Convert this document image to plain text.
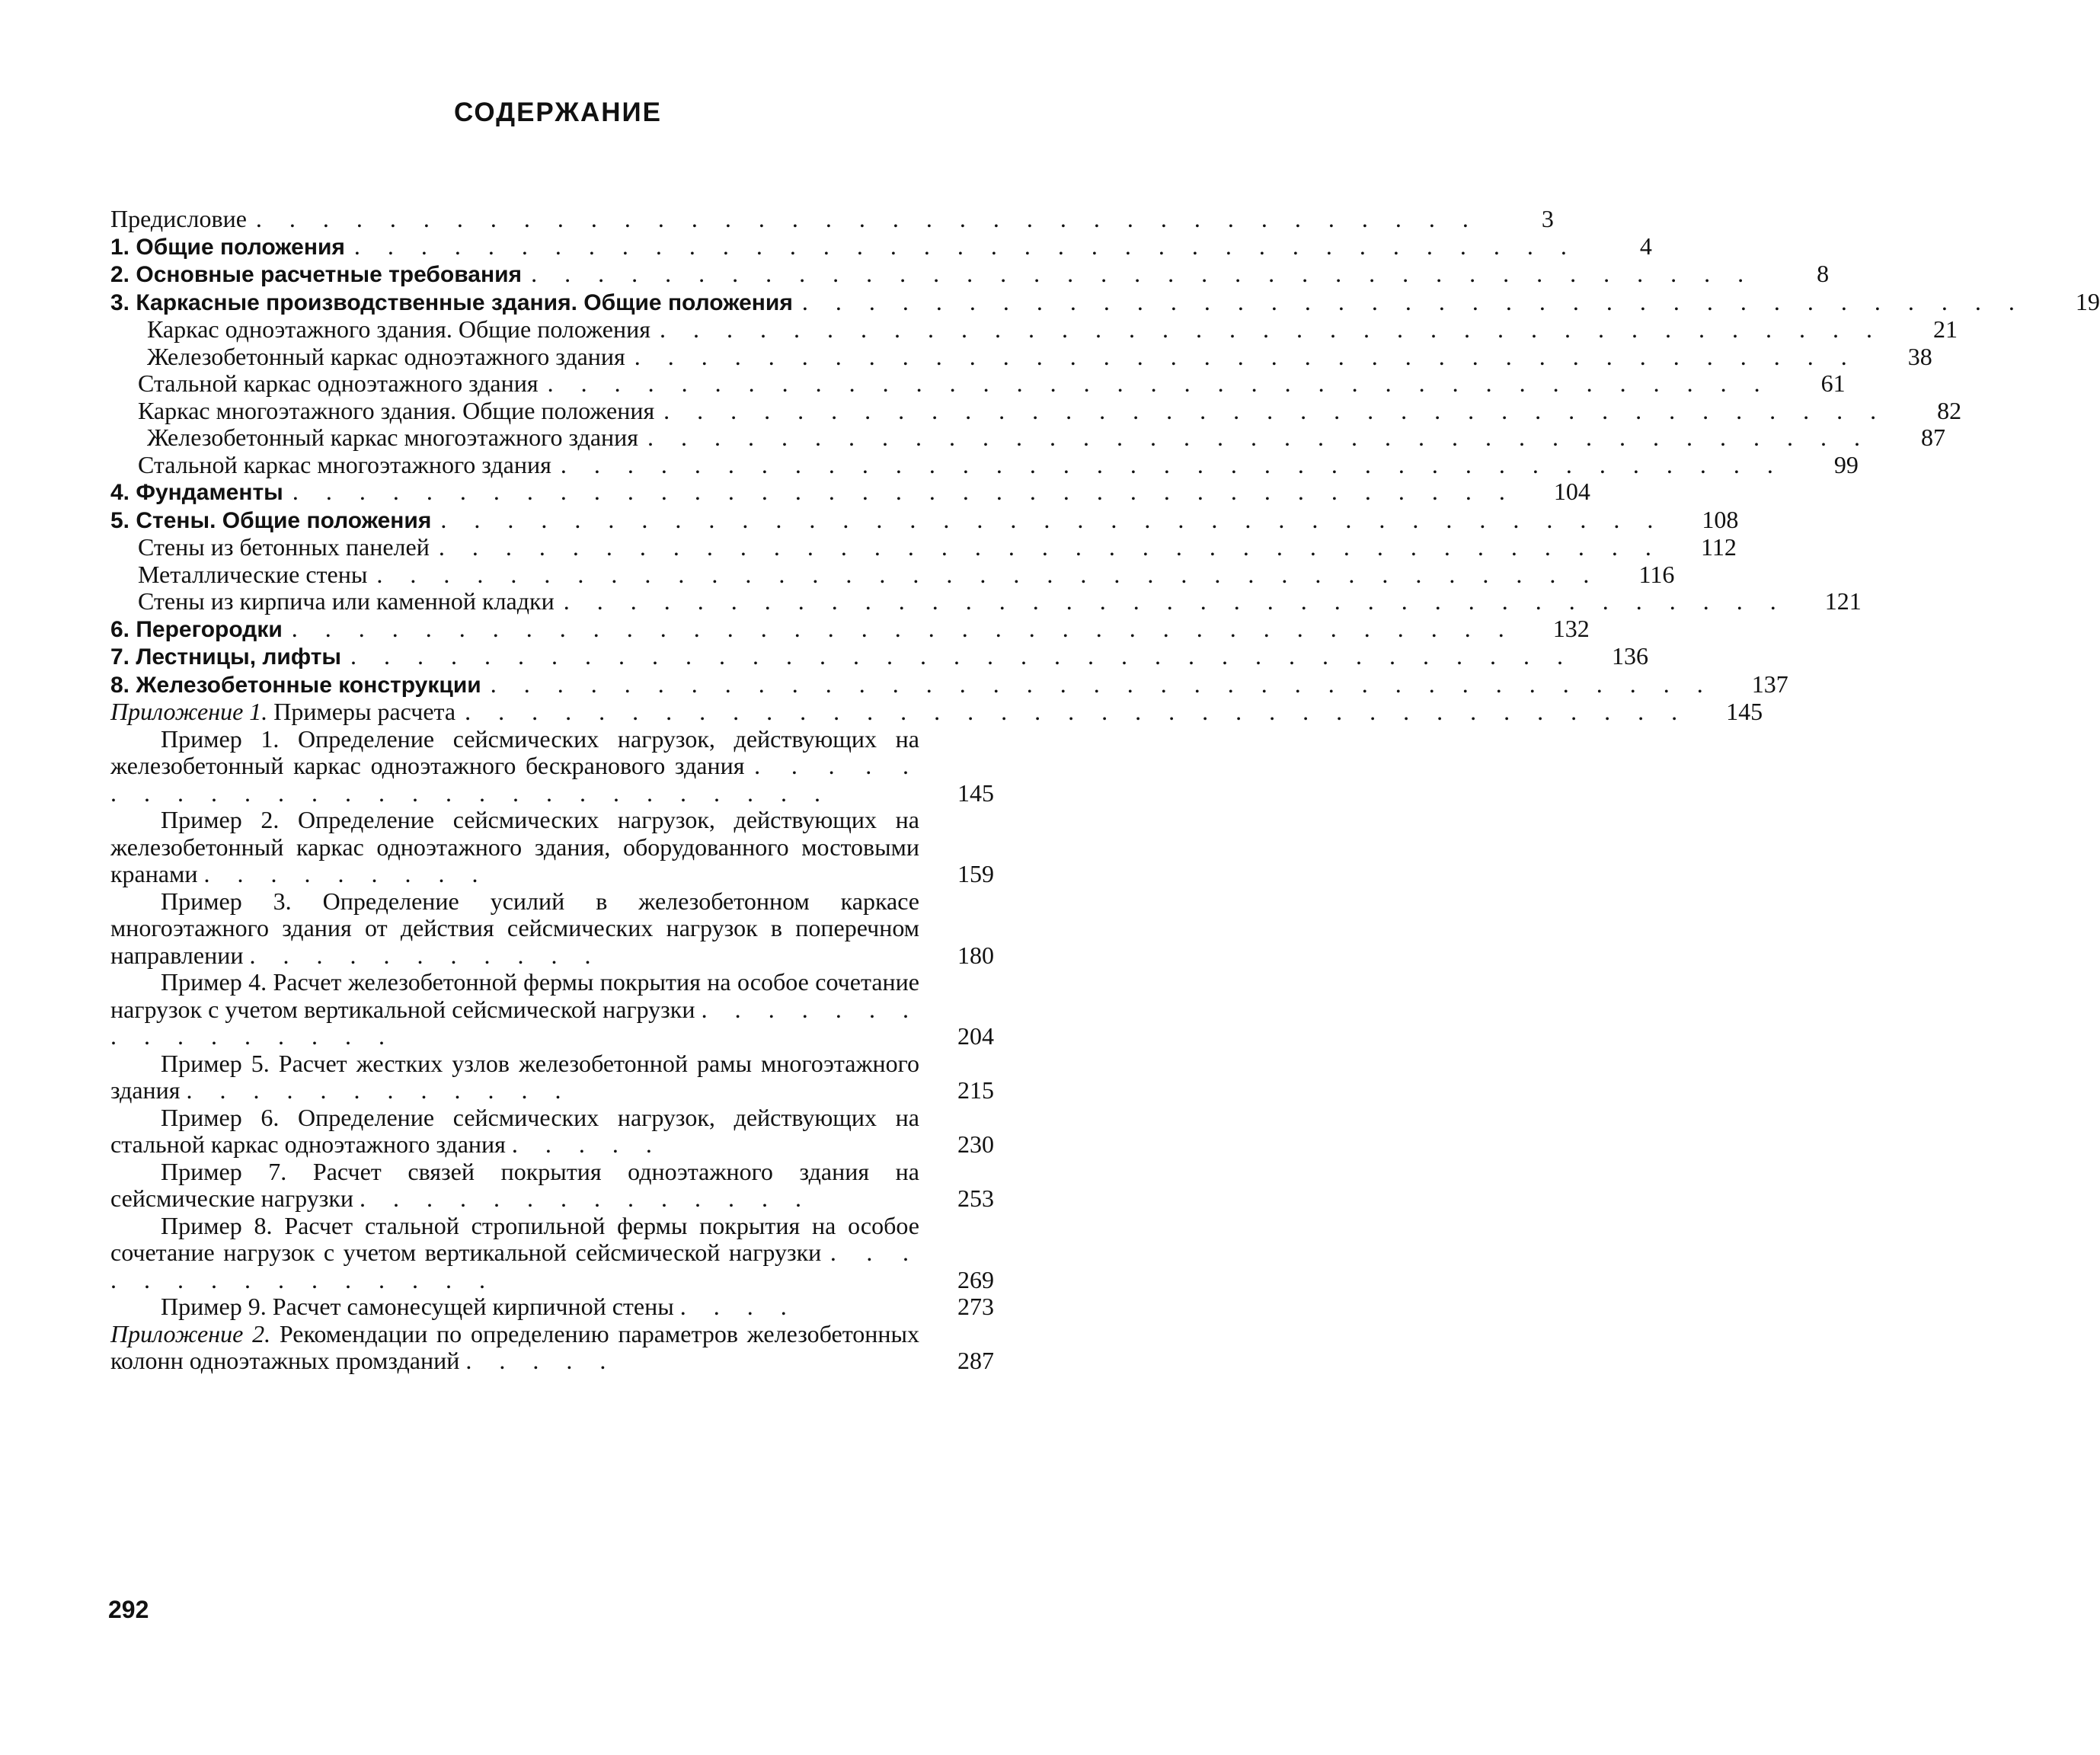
СОДЕРЖАНИЕ
Предисловие . . . . . . . . . . . . . . . . . . . . . . . . . . . . . . . . . . . . .	3
1. Общие положения . . . . . . . . . . . . . . . . . . . . . . . . . . . . . . . . . . . . .	4
2. Основные расчетные требования . . . . . . . . . . . . . . . . . . . . . . . . . . . . . . . . . . . . .	8
3. Каркасные производственные здания. Общие положения . . . . . . . . . . . . . . . . . . . . . . . . . . . . . . . . . . . . .	19
Каркас одноэтажного здания. Общие положения . . . . . . . . . . . . . . . . . . . . . . . . . . . . . . . . . . . . .	21
Железобетонный каркас одноэтажного здания . . . . . . . . . . . . . . . . . . . . . . . . . . . . . . . . . . . . .	38
Стальной каркас одноэтажного здания . . . . . . . . . . . . . . . . . . . . . . . . . . . . . . . . . . . . .	61
Каркас многоэтажного здания. Общие положения . . . . . . . . . . . . . . . . . . . . . . . . . . . . . . . . . . . . .	82
Железобетонный каркас многоэтажного здания . . . . . . . . . . . . . . . . . . . . . . . . . . . . . . . . . . . . .	87
Стальной каркас многоэтажного здания . . . . . . . . . . . . . . . . . . . . . . . . . . . . . . . . . . . . .	99
4. Фундаменты . . . . . . . . . . . . . . . . . . . . . . . . . . . . . . . . . . . . .	104
5. Стены. Общие положения . . . . . . . . . . . . . . . . . . . . . . . . . . . . . . . . . . . . .	108
Стены из бетонных панелей . . . . . . . . . . . . . . . . . . . . . . . . . . . . . . . . . . . . .	112
Металлические стены . . . . . . . . . . . . . . . . . . . . . . . . . . . . . . . . . . . . .	116
Стены из кирпича или каменной кладки . . . . . . . . . . . . . . . . . . . . . . . . . . . . . . . . . . . . .	121
6. Перегородки . . . . . . . . . . . . . . . . . . . . . . . . . . . . . . . . . . . . .	132
7. Лестницы, лифты . . . . . . . . . . . . . . . . . . . . . . . . . . . . . . . . . . . . .	136
8. Железобетонные конструкции . . . . . . . . . . . . . . . . . . . . . . . . . . . . . . . . . . . . .	137
Приложение 1. Примеры расчета . . . . . . . . . . . . . . . . . . . . . . . . . . . . . . . . . . . . .	145
Пример 1. Определение сейсмических нагрузок, действующих на железобетонный каркас одноэтажного бескранового здания . . . . . . . . . . . . . . . . . . . . . . . . . . .	145
Пример 2. Определение сейсмических нагрузок, действующих на железобетонный каркас одноэтажного здания, оборудованного мостовыми кранами . . . . . . . . .	159
Пример 3. Определение усилий в железобетонном каркасе многоэтажного здания от действия сейсмических нагрузок в поперечном направлении . . . . . . . . . . .	180
Пример 4. Расчет железобетонной фермы покрытия на особое сочетание нагрузок с учетом вертикальной сейсмической нагрузки . . . . . . . . . . . . . . . .	204
Пример 5. Расчет жестких узлов железобетонной рамы многоэтажного здания . . . . . . . . . . . .	215
Пример 6. Определение сейсмических нагрузок, действующих на стальной каркас одноэтажного здания . . . . .	230
Пример 7. Расчет связей покрытия одноэтажного здания на сейсмические нагрузки . . . . . . . . . . . . . .	253
Пример 8. Расчет стальной стропильной фермы покрытия на особое сочетание нагрузок с учетом вертикальной сейсмической нагрузки . . . . . . . . . . . . . . .	269
Пример 9. Расчет самонесущей кирпичной стены . . . .	273
Приложение 2. Рекомендации по определению параметров железобетонных колонн одноэтажных промзданий . . . . .	287
292
